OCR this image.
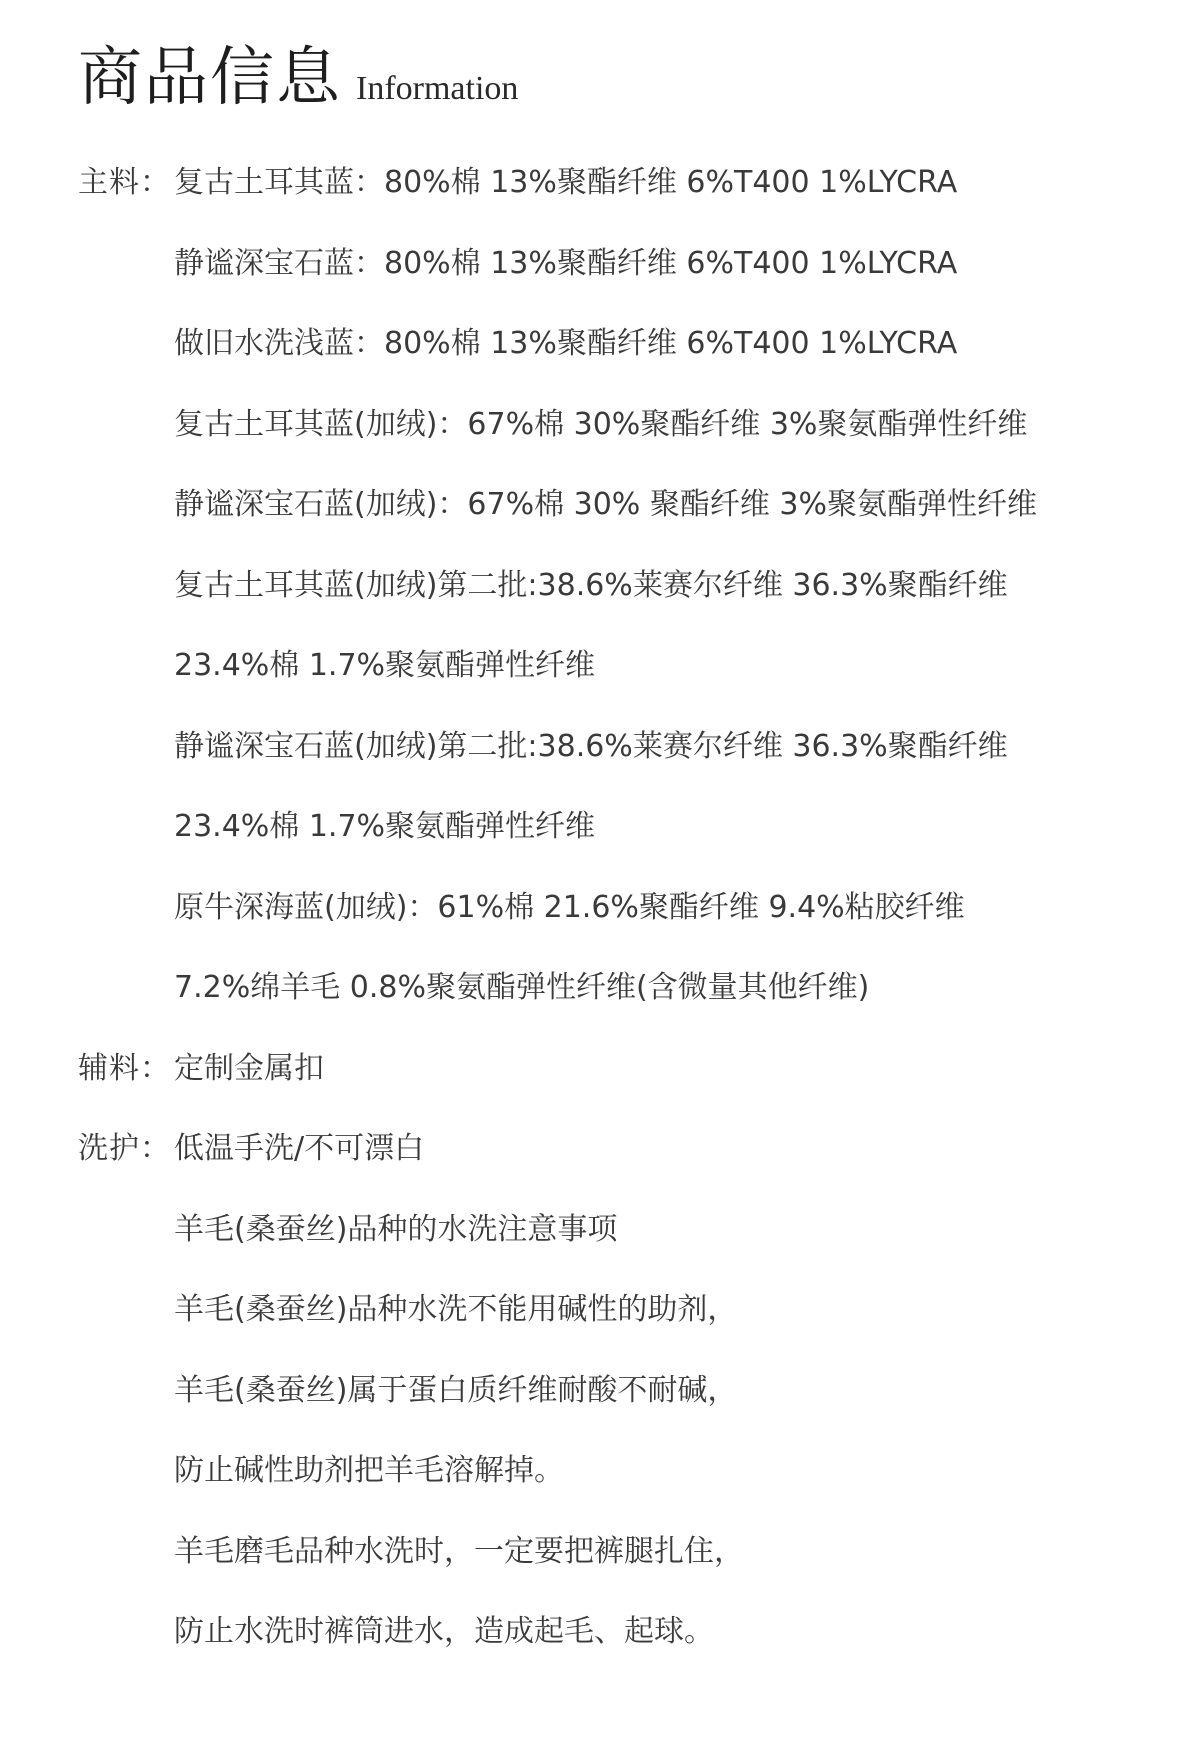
商品信息 Information
主料： 复古土耳其蓝：80%棉 13%聚酯纤维 6%T400 1%LYCRA
静谧深宝石蓝：80%棉 13%聚酯纤维 6%T400 1%LYCRA
做旧水洗浅蓝：80%棉 13%聚酯纤维 6%T400 1%LYCRA
复古土耳其蓝(加绒)：67%棉 30%聚酯纤维 3%聚氨酯弹性纤维
静谧深宝石蓝(加绒)：67%棉 30% 聚酯纤维 3%聚氨酯弹性纤维
复古土耳其蓝(加绒)第二批:38.6%莱赛尔纤维 36.3%聚酯纤维
23.4%棉 1.7%聚氨酯弹性纤维
静谧深宝石蓝(加绒)第二批:38.6%莱赛尔纤维 36.3%聚酯纤维
23.4%棉 1.7%聚氨酯弹性纤维
原牛深海蓝(加绒)：61%棉 21.6%聚酯纤维 9.4%粘胶纤维
7.2%绵羊毛 0.8%聚氨酯弹性纤维(含微量其他纤维)
辅料： 定制金属扣
洗护： 低温手洗/不可漂白
羊毛(桑蚕丝)品种的水洗注意事项
羊毛(桑蚕丝)品种水洗不能用碱性的助剂，
羊毛(桑蚕丝)属于蛋白质纤维耐酸不耐碱，
防止碱性助剂把羊毛溶解掉。
羊毛磨毛品种水洗时，一定要把裤腿扎住，
防止水洗时裤筒进水，造成起毛、起球。
